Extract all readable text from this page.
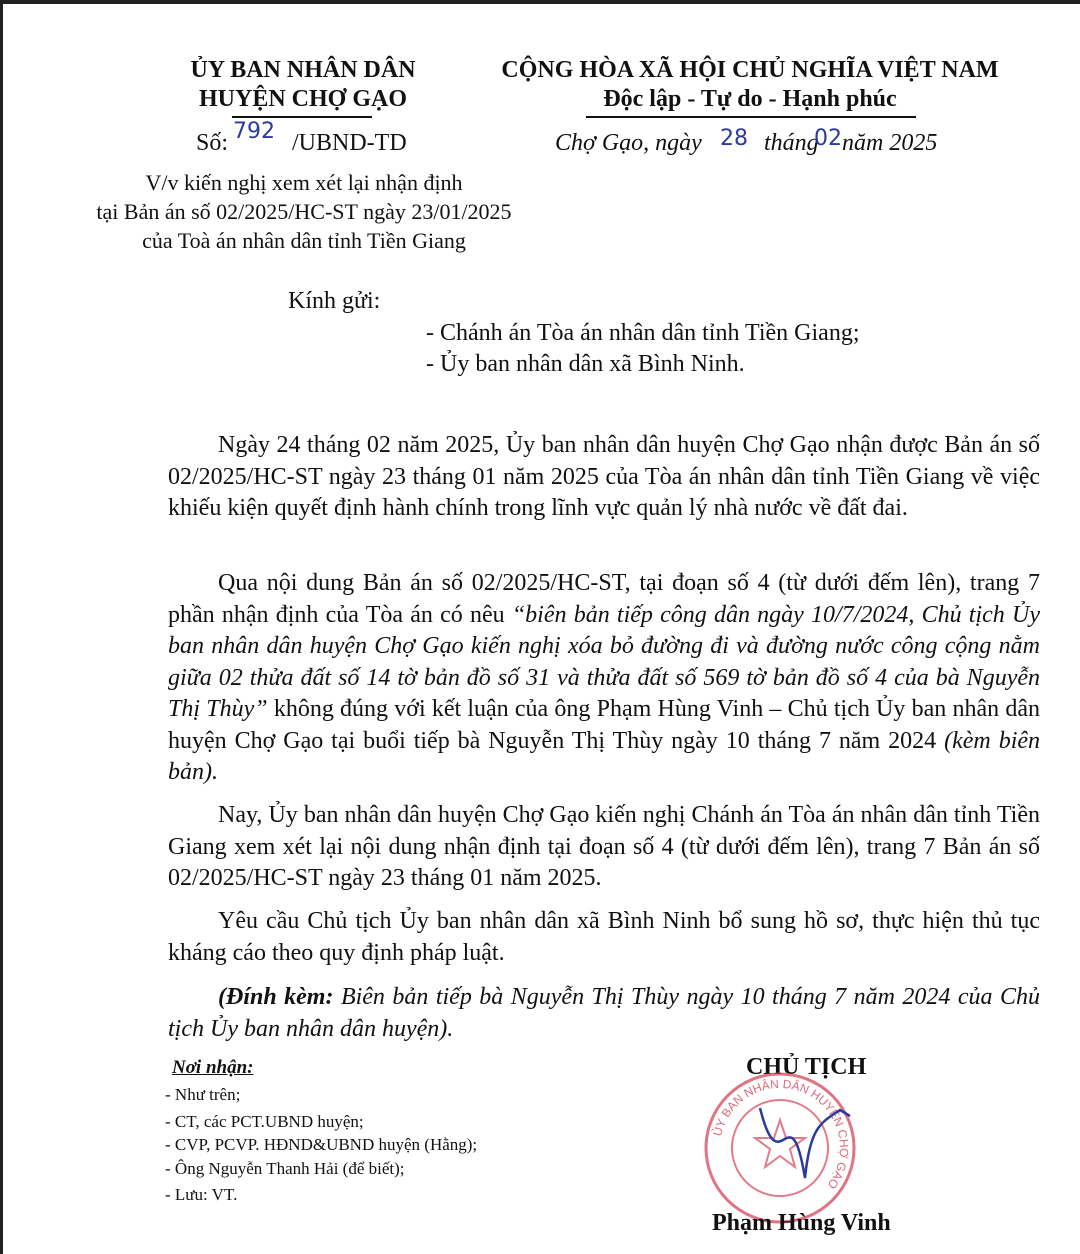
ỦY BAN NHÂN DÂN
HUYỆN CHỢ GẠO
Số: 792 /UBND-TD
CỘNG HÒA XÃ HỘI CHỦ NGHĨA VIỆT NAM
Độc lập - Tự do - Hạnh phúc
Chợ Gạo, ngày 28 tháng
02 năm 2025
V/v kiến nghị xem xét lại nhận định
tại Bản án số 02/2025/HC-ST ngày 23/01/2025
của Toà án nhân dân tỉnh Tiền Giang
Kính gửi:
- Chánh án Tòa án nhân dân tỉnh Tiền Giang;
- Ủy ban nhân dân xã Bình Ninh.
Ngày 24 tháng 02 năm 2025, Ủy ban nhân dân huyện Chợ Gạo nhận được Bản án số 02/2025/HC-ST ngày 23 tháng 01 năm 2025 của Tòa án nhân dân tỉnh Tiền Giang về việc khiếu kiện quyết định hành chính trong lĩnh vực quản lý nhà nước về đất đai.
Qua nội dung Bản án số 02/2025/HC-ST, tại đoạn số 4 (từ dưới đếm lên), trang 7 phần nhận định của Tòa án có nêu “biên bản tiếp công dân ngày 10/7/2024, Chủ tịch Ủy ban nhân dân huyện Chợ Gạo kiến nghị xóa bỏ đường đi và đường nước công cộng nằm giữa 02 thửa đất số 14 tờ bản đồ số 31 và thửa đất số 569 tờ bản đồ số 4 của bà Nguyễn Thị Thùy” không đúng với kết luận của ông Phạm Hùng Vinh – Chủ tịch Ủy ban nhân dân huyện Chợ Gạo tại buổi tiếp bà Nguyễn Thị Thùy ngày 10 tháng 7 năm 2024 (kèm biên bản).
Nay, Ủy ban nhân dân huyện Chợ Gạo kiến nghị Chánh án Tòa án nhân dân tỉnh Tiền Giang xem xét lại nội dung nhận định tại đoạn số 4 (từ dưới đếm lên), trang 7 Bản án số 02/2025/HC-ST ngày 23 tháng 01 năm 2025.
Yêu cầu Chủ tịch Ủy ban nhân dân xã Bình Ninh bổ sung hồ sơ, thực hiện thủ tục kháng cáo theo quy định pháp luật.
(Đính kèm: Biên bản tiếp bà Nguyễn Thị Thùy ngày 10 tháng 7 năm 2024 của Chủ tịch Ủy ban nhân dân huyện).
Nơi nhận:
- Như trên;
- CT, các PCT.UBND huyện;
- CVP, PCVP. HĐND&UBND huyện (Hằng);
- Ông Nguyễn Thanh Hải (để biết);
- Lưu: VT.
CHỦ TỊCH
ỦY BAN NHÂN DÂN HUYỆN CHỢ GẠO
Phạm Hùng Vinh
